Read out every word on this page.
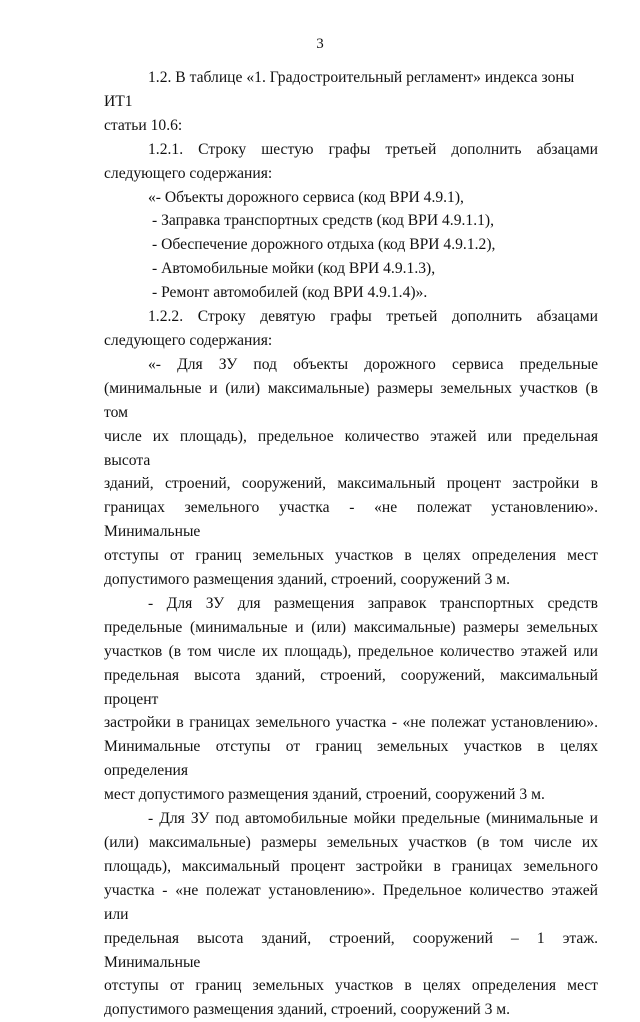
3

1.2. В таблице «1. Градостроительный регламент» индекса зоны ИТ1

статьи 10.6:

1.2.1. Строку шестую графы третьей дополнить абзацами

следующего содержания:

«- Объекты дорожного сервиса (код ВРИ 4.9.1),

- Заправка транспортных средств (код ВРИ 4.9.1.1),

- Обеспечение дорожного отдыха (код ВРИ 4.9.1.2),

- Автомобильные мойки (код ВРИ 4.9.1.3),

- Ремонт автомобилей (код ВРИ 4.9.1.4)».

1.2.2. Строку девятую графы третьей дополнить абзацами

следующего содержания:

«- Для ЗУ под объекты дорожного сервиса предельные

(минимальные и (или) максимальные) размеры земельных участков (в том

числе их площадь), предельное количество этажей или предельная высота

зданий, строений, сооружений, максимальный процент застройки в

границах земельного участка - «не полежат установлению». Минимальные

отступы от границ земельных участков в целях определения мест

допустимого размещения зданий, строений, сооружений 3 м.

- Для ЗУ для размещения заправок транспортных средств

предельные (минимальные и (или) максимальные) размеры земельных

участков (в том числе их площадь), предельное количество этажей или

предельная высота зданий, строений, сооружений, максимальный процент

застройки в границах земельного участка - «не полежат установлению».

Минимальные отступы от границ земельных участков в целях определения

мест допустимого размещения зданий, строений, сооружений 3 м.

- Для ЗУ под автомобильные мойки предельные (минимальные и

(или) максимальные) размеры земельных участков (в том числе их

площадь), максимальный процент застройки в границах земельного

участка - «не полежат установлению». Предельное количество этажей или

предельная высота зданий, строений, сооружений – 1 этаж. Минимальные

отступы от границ земельных участков в целях определения мест

допустимого размещения зданий, строений, сооружений 3 м.
